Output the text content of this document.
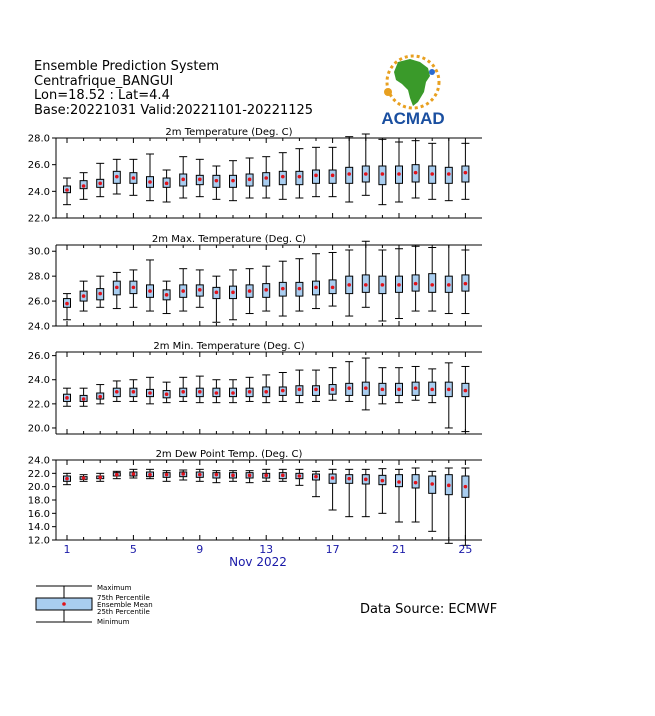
Ensemble Prediction System
Centrafrique_BANGUI
Lon=18.52 : Lat=4.4
Base:20221031 Valid:20221101-20221125	ACMAD
2m Temperature (Deg. C)
28.0
26.0
24.0
22.0
2m Max. Temperature (Deg. C)
30.0
28.0
26.0
24.0
2m Min. Temperature (Deg. C)
26.0
24.0
22.0
20.0
2m Dew Point Temp. (Deg. C)
24.0
22.0
20.0
18.0
16.0
14.0
12.0
1	5	9	13	17	21	25
Nov 2022
Maximum
75th Percentile
Ensemble Mean
25th Percentile
Minimum
Data Source: ECMWF
